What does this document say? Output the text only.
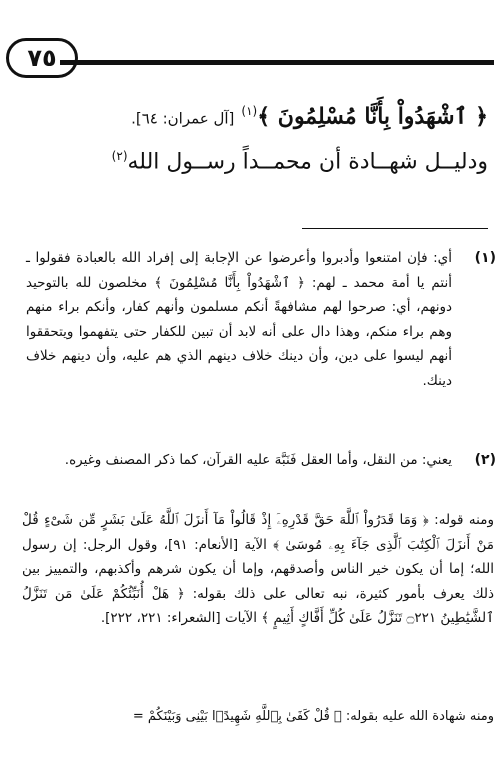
٧٥
﴿ ٱشْهَدُواْ بِأَنَّا مُسْلِمُونَ ﴾$^{(١)}$ [آل عمران: ٦٤].
ودليــل شهــادة أن محمــداً رســول الله$^{(٢)}$
(١)
أي: فإن امتنعوا وأدبروا وأعرضوا عن الإجابة إلى إفراد الله بالعبادة فقولوا ـ أنتم يا أمة محمد ـ لهم: ﴿ ٱشْهَدُواْ بِأَنَّا مُسْلِمُونَ ﴾ مخلصون لله بالتوحيد دونهم، أي: صرحوا لهم مشافهةً أنكم مسلمون وأنهم كفار، وأنكم براء منهم وهم براء منكم، وهذا دال على أنه لابد أن تبين للكفار حتى يتفهموا ويتحققوا أنهم ليسوا على دين، وأن دينك خلاف دينهم الذي هم عليه، وأن دينهم خلاف دينك.
(٢)
يعني: من النقل، وأما العقل فَنَبَّهَ عليه القرآن، كما ذكر المصنف وغيره.
ومنه قوله: ﴿ وَمَا قَدَرُواْ ٱللَّهَ حَقَّ قَدْرِهِۦٓ إِذْ قَالُواْ مَآ أَنزَلَ ٱللَّهُ عَلَىٰ بَشَرٍ مِّن شَىْءٍ قُلْ مَنْ أَنزَلَ ٱلْكِتَٰبَ ٱلَّذِى جَآءَ بِهِۦ مُوسَىٰ ﴾ الآية [الأنعام: ٩١]، وقول الرجل: إن رسول الله؛ إما أن يكون خير الناس وأصدقهم، وإما أن يكون شرهم وأكذبهم، والتمييز بين ذلك يعرف بأمور كثيرة، نبه تعالى على ذلك بقوله: ﴿ هَلْ أُنَبِّئُكُمْ عَلَىٰ مَن تَنَزَّلُ ٱلشَّيَٰطِينُ ۝٢٢١ تَنَزَّلُ عَلَىٰ كُلِّ أَفَّاكٍ أَثِيمٍ ﴾ الآيات [الشعراء: ٢٢١، ٢٢٢].
ومنه شهادة الله عليه بقوله: ﴿ قُلْ كَفَىٰ بِٱللَّهِ شَهِيدًۢا بَيْنِى وَبَيْنَكُمْ =
